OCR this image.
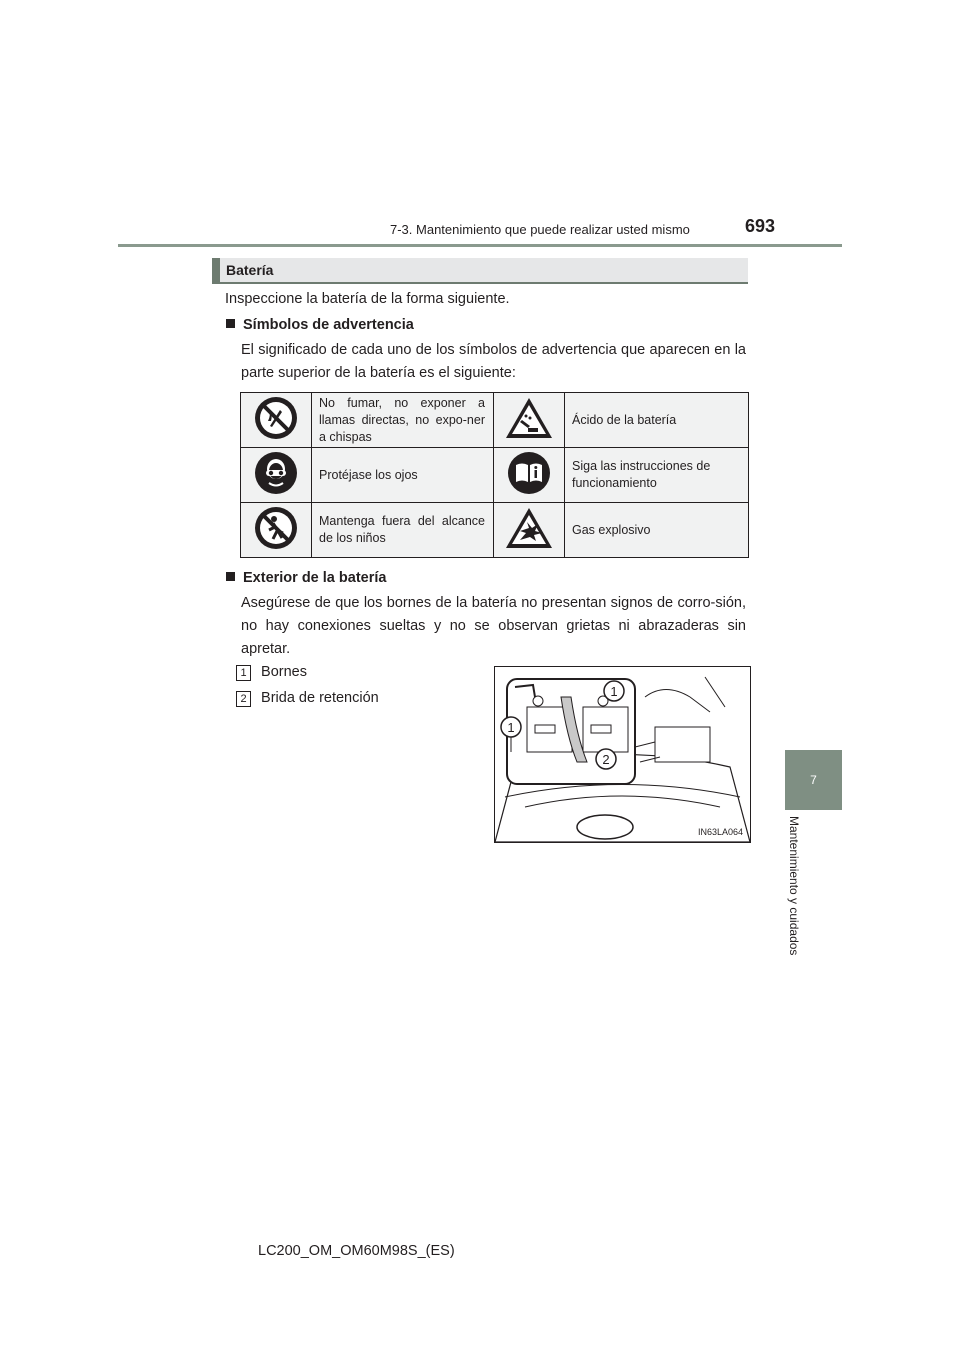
7-3. Mantenimiento que puede realizar usted mismo	693
7
Mantenimiento y cuidados
Batería
Inspeccione la batería de la forma siguiente.
Símbolos de advertencia
El significado de cada uno de los símbolos de advertencia que aparecen en la parte superior de la batería es el siguiente:
	No fumar, no exponer a llamas directas, no expo-ner a chispas		Ácido de la batería
	Protéjase los ojos		Siga las instrucciones de funcionamiento
	Mantenga fuera del alcance de los niños		Gas explosivo
Exterior de la batería
Asegúrese de que los bornes de la batería no presentan signos de corro-sión, no hay conexiones sueltas y no se observan grietas ni abrazaderas sin apretar.
1 Bornes
2 Brida de retención	1
1
2
IN63LA064
LC200_OM_OM60M98S_(ES)
